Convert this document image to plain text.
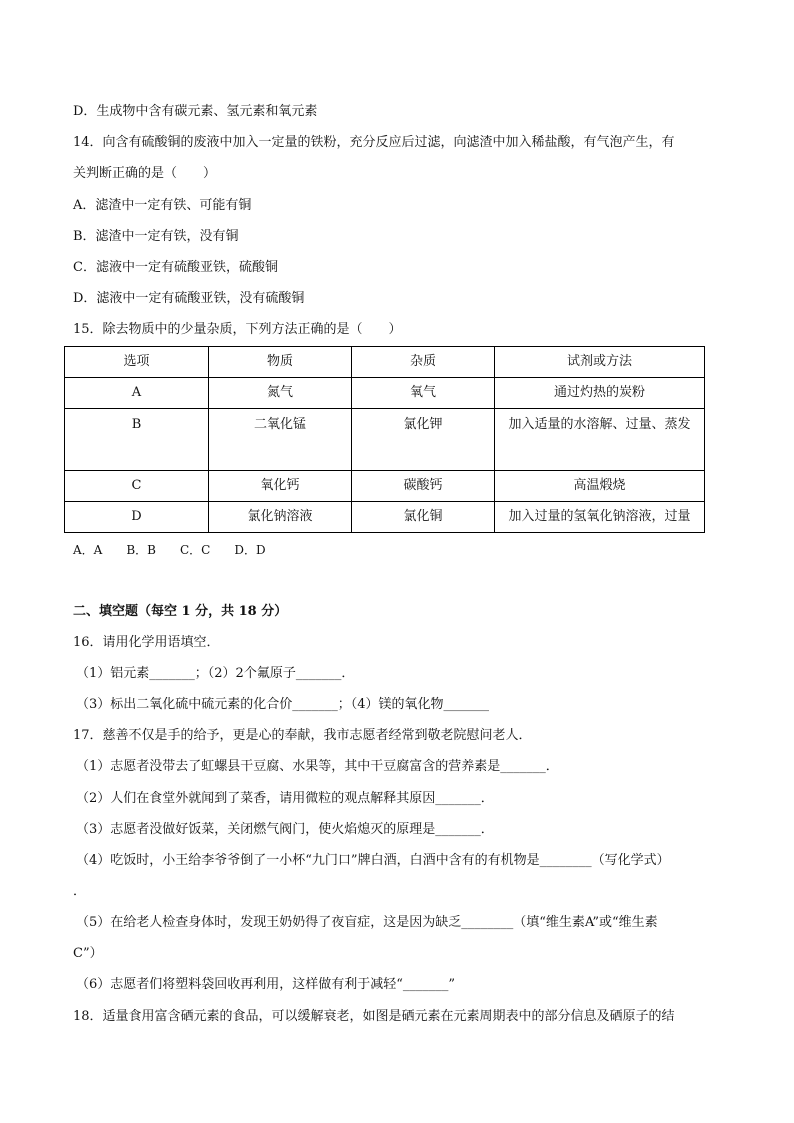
D．生成物中含有碳元素、氢元素和氧元素
14．向含有硫酸铜的废液中加入一定量的铁粉，充分反应后过滤，向滤渣中加入稀盐酸，有气泡产生，有
关判断正确的是（　　）
A．滤渣中一定有铁、可能有铜
B．滤渣中一定有铁，没有铜
C．滤液中一定有硫酸亚铁，硫酸铜
D．滤液中一定有硫酸亚铁，没有硫酸铜
15．除去物质中的少量杂质，下列方法正确的是（　　）
选项	物质	杂质	试剂或方法
A	氮气	氧气	通过灼热的炭粉
B	二氧化锰	氯化钾	加入适量的水溶解、过量、蒸发
C	氧化钙	碳酸钙	高温煅烧
D	氯化钠溶液	氯化铜	加入过量的氢氧化钠溶液，过量
A．A　　B．B　　C．C　　D．D
二、填空题（每空 1 分，共 18 分）
16．请用化学用语填空．
（1）铝元素_______；（2）2个氟原子_______．
（3）标出二氧化硫中硫元素的化合价_______；（4）镁的氧化物_______
17．慈善不仅是手的给予，更是心的奉献，我市志愿者经常到敬老院慰问老人．
（1）志愿者没带去了虹螺县干豆腐、水果等，其中干豆腐富含的营养素是_______．
（2）人们在食堂外就闻到了菜香，请用微粒的观点解释其原因_______．
（3）志愿者没做好饭菜，关闭燃气阀门，使火焰熄灭的原理是_______．
（4）吃饭时，小王给李爷爷倒了一小杯“九门口”牌白酒，白酒中含有的有机物是________（写化学式）
．
（5）在给老人检查身体时，发现王奶奶得了夜盲症，这是因为缺乏________（填“维生素A”或“维生素
C”）
（6）志愿者们将塑料袋回收再利用，这样做有利于减轻“_______”
18．适量食用富含硒元素的食品，可以缓解衰老，如图是硒元素在元素周期表中的部分信息及硒原子的结
